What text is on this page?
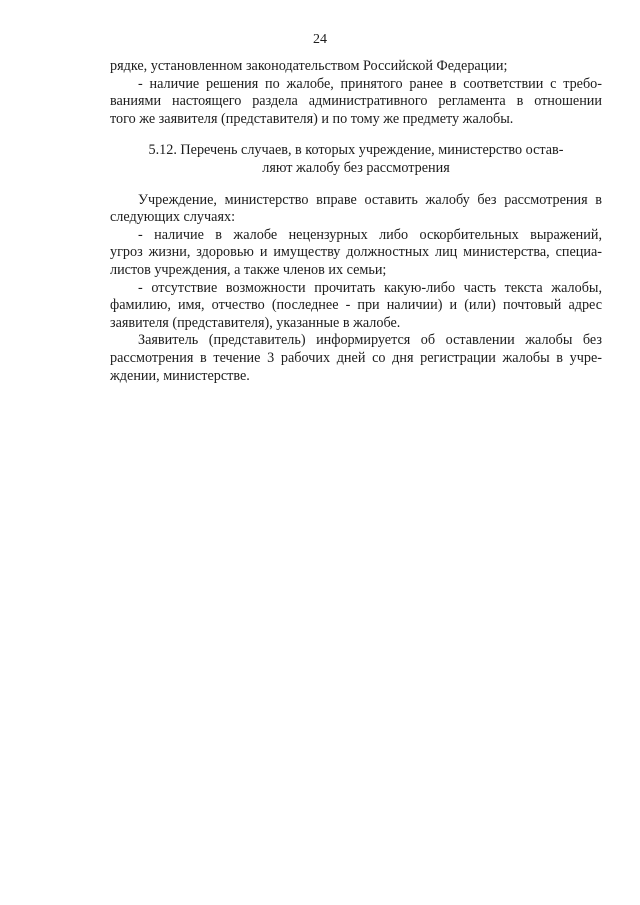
24
рядке, установленном законодательством Российской Федерации;
- наличие решения по жалобе, принятого ранее в соответствии с требо-
ваниями настоящего раздела административного регламента в отношении
того же заявителя (представителя) и по тому же предмету жалобы.
5.12. Перечень случаев, в которых учреждение, министерство остав-
ляют жалобу без рассмотрения
Учреждение, министерство вправе оставить жалобу без рассмотрения в
следующих случаях:
- наличие в жалобе нецензурных либо оскорбительных выражений,
угроз жизни, здоровью и имуществу должностных лиц министерства, специа-
листов учреждения, а также членов их семьи;
- отсутствие возможности прочитать какую-либо часть текста жалобы,
фамилию, имя, отчество (последнее - при наличии) и (или) почтовый адрес
заявителя (представителя), указанные в жалобе.
Заявитель (представитель) информируется об оставлении жалобы без
рассмотрения в течение 3 рабочих дней со дня регистрации жалобы в учре-
ждении, министерстве.
